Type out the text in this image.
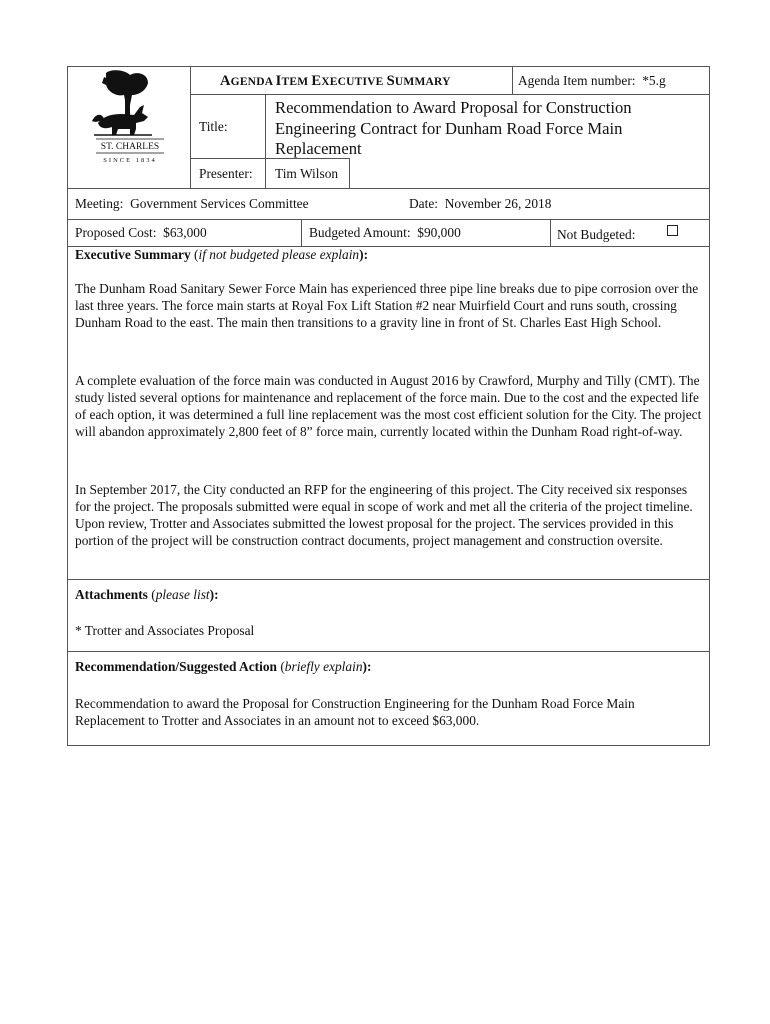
ST. CHARLES
SINCE 1834
AGENDA ITEM EXECUTIVE SUMMARY	Agenda Item number: *5.g
Title:
Recommendation to Award Proposal for Construction Engineering Contract for Dunham Road Force Main Replacement
Presenter: Tim Wilson
Meeting: Government Services Committee	Date: November 26, 2018
Proposed Cost: $63,000	Budgeted Amount: $90,000	Not Budgeted:
Executive Summary (if not budgeted please explain):
The Dunham Road Sanitary Sewer Force Main has experienced three pipe line breaks due to pipe corrosion over the last three years. The force main starts at Royal Fox Lift Station #2 near Muirfield Court and runs south, crossing Dunham Road to the east. The main then transitions to a gravity line in front of St. Charles East High School.
A complete evaluation of the force main was conducted in August 2016 by Crawford, Murphy and Tilly (CMT). The study listed several options for maintenance and replacement of the force main. Due to the cost and the expected life of each option, it was determined a full line replacement was the most cost efficient solution for the City. The project will abandon approximately 2,800 feet of 8” force main, currently located within the Dunham Road right-of-way.
In September 2017, the City conducted an RFP for the engineering of this project. The City received six responses for the project. The proposals submitted were equal in scope of work and met all the criteria of the project timeline. Upon review, Trotter and Associates submitted the lowest proposal for the project. The services provided in this portion of the project will be construction contract documents, project management and construction oversite.
Attachments (please list):
* Trotter and Associates Proposal
Recommendation/Suggested Action (briefly explain):
Recommendation to award the Proposal for Construction Engineering for the Dunham Road Force Main Replacement to Trotter and Associates in an amount not to exceed $63,000.
